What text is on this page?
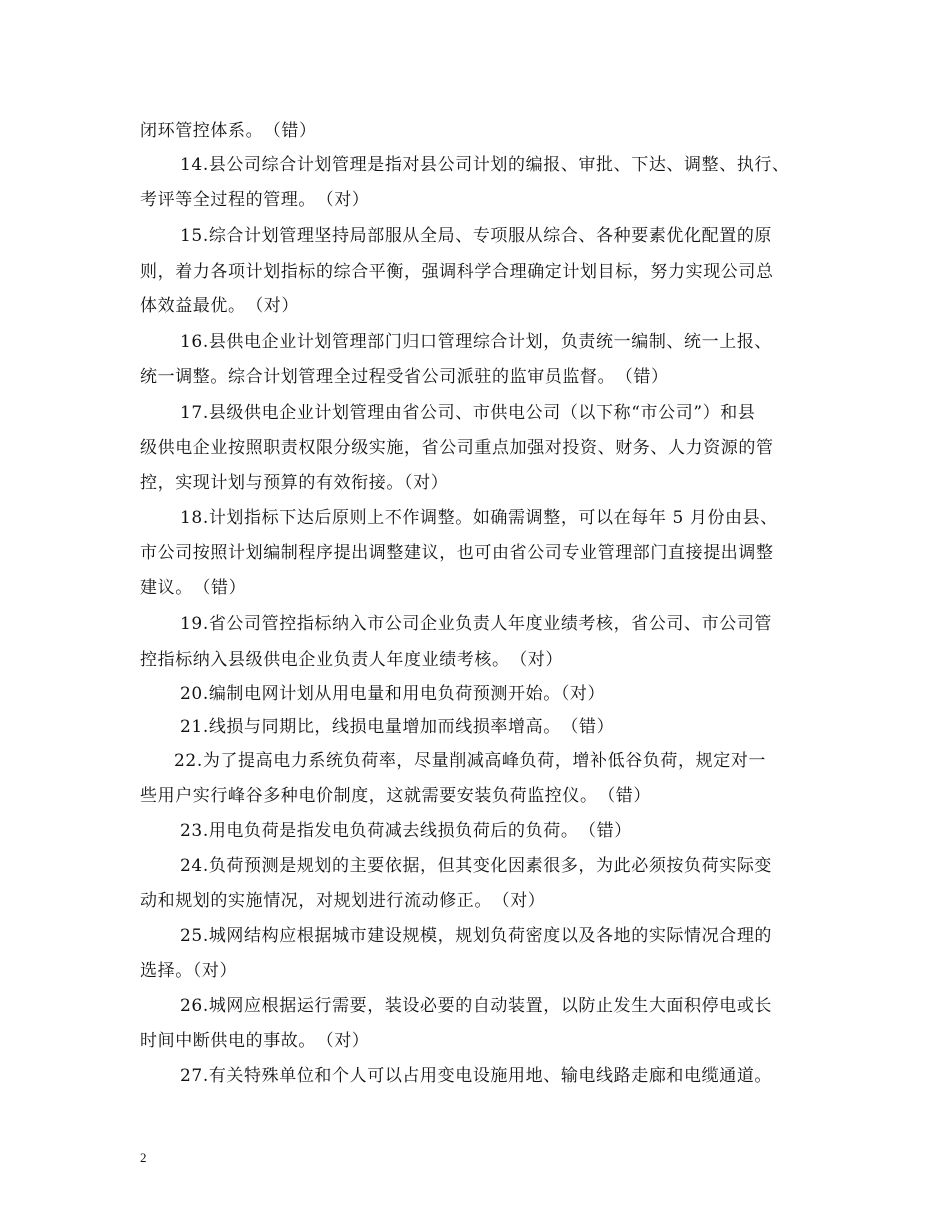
闭环管控体系。　（错）
14.县公司综合计划管理是指对县公司计划的编报、审批、下达、调整、执行、
考评等全过程的管理。　（对）
15.综合计划管理坚持局部服从全局、专项服从综合、各种要素优化配置的原
则，着力各项计划指标的综合平衡，强调科学合理确定计划目标，努力实现公司总
体效益最优。　（对）
16.县供电企业计划管理部门归口管理综合计划，负责统一编制、统一上报、
统一调整。综合计划管理全过程受省公司派驻的监审员监督。　（错）
17.县级供电企业计划管理由省公司、市供电公司（以下称“市公司”）和县
级供电企业按照职责权限分级实施，省公司重点加强对投资、财务、人力资源的管
控，实现计划与预算的有效衔接。（对）
18.计划指标下达后原则上不作调整。如确需调整，可以在每年 5 月份由县、
市公司按照计划编制程序提出调整建议，也可由省公司专业管理部门直接提出调整
建议。　（错）
19.省公司管控指标纳入市公司企业负责人年度业绩考核，省公司、市公司管
控指标纳入县级供电企业负责人年度业绩考核。　（对）
20.编制电网计划从用电量和用电负荷预测开始。（对）
21.线损与同期比，线损电量增加而线损率增高。　（错）
22.为了提高电力系统负荷率，尽量削减高峰负荷，增补低谷负荷，规定对一
些用户实行峰谷多种电价制度，这就需要安装负荷监控仪。　（错）
23.用电负荷是指发电负荷减去线损负荷后的负荷。　（错）
24.负荷预测是规划的主要依据，但其变化因素很多，为此必须按负荷实际变
动和规划的实施情况，对规划进行流动修正。　（对）
25.城网结构应根据城市建设规模，规划负荷密度以及各地的实际情况合理的
选择。（对）
26.城网应根据运行需要，装设必要的自动装置，以防止发生大面积停电或长
时间中断供电的事故。　（对）
27.有关特殊单位和个人可以占用变电设施用地、输电线路走廊和电缆通道。
2
